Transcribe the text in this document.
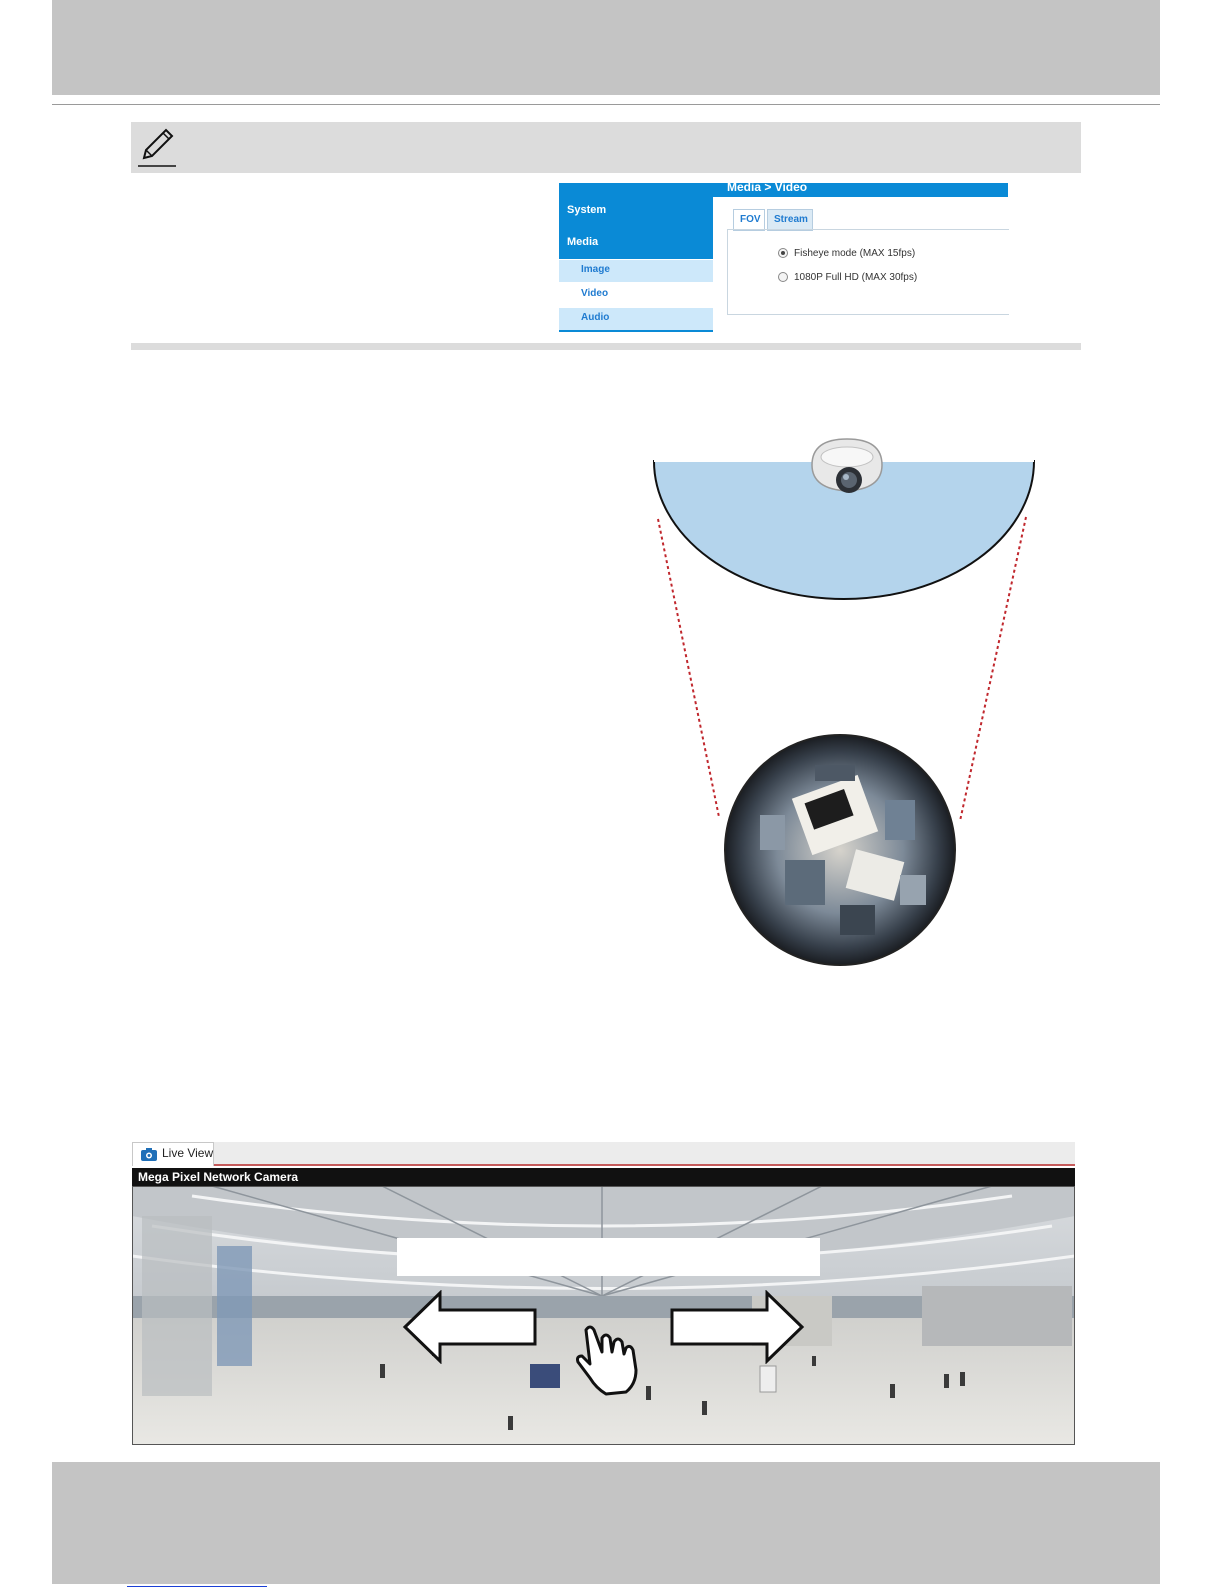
Media > Video
System
Media
Image
Video
Audio
FOV Stream
Fisheye mode (MAX 15fps)
1080P Full HD (MAX 30fps)
Live View
Mega Pixel Network Camera
